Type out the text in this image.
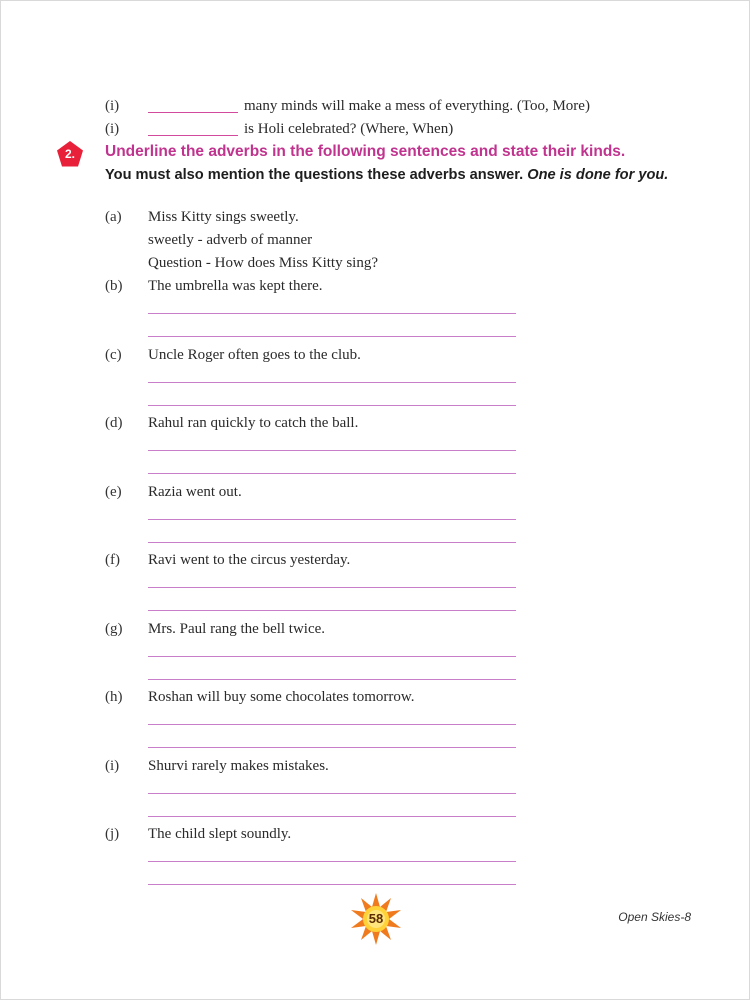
(i)	many minds will make a mess of everything. (Too, More)
(i)	is Holi celebrated? (Where, When)
2.	Underline the adverbs in the following sentences and state their kinds.
You must also mention the questions these adverbs answer. One is done for you.
(a) Miss Kitty sings sweetly.
sweetly - adverb of manner
Question - How does Miss Kitty sing?
(b) The umbrella was kept there.
(c) Uncle Roger often goes to the club.
(d) Rahul ran quickly to catch the ball.
(e) Razia went out.
(f) Ravi went to the circus yesterday.
(g) Mrs. Paul rang the bell twice.
(h) Roshan will buy some chocolates tomorrow.
(i) Shurvi rarely makes mistakes.
(j) The child slept soundly.
58	Open Skies-8
